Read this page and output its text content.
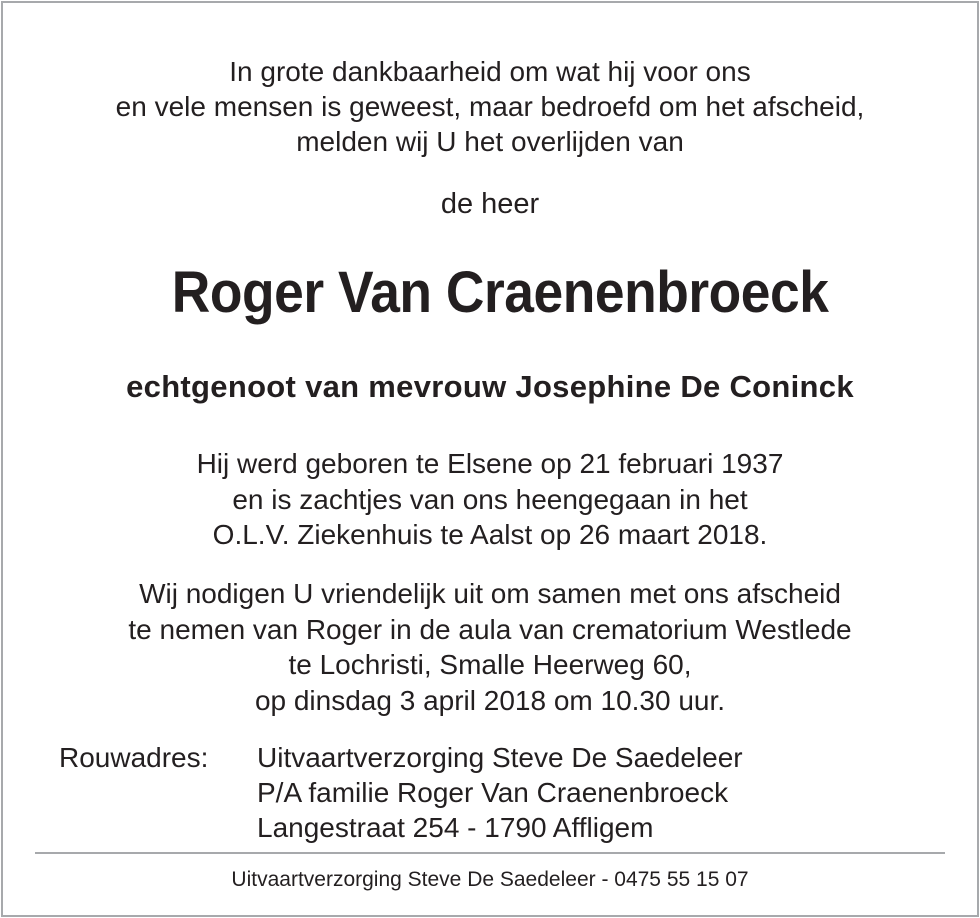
In grote dankbaarheid om wat hij voor ons
en vele mensen is geweest, maar bedroefd om het afscheid,
melden wij U het overlijden van
de heer
Roger Van Craenenbroeck
echtgenoot van mevrouw Josephine De Coninck
Hij werd geboren te Elsene op 21 februari 1937
en is zachtjes van ons heengegaan in het
O.L.V. Ziekenhuis te Aalst op 26 maart 2018.
Wij nodigen U vriendelijk uit om samen met ons afscheid
te nemen van Roger in de aula van crematorium Westlede
te Lochristi, Smalle Heerweg 60,
op dinsdag 3 april 2018 om 10.30 uur.
Rouwadres: Uitvaartverzorging Steve De Saedeleer
P/A familie Roger Van Craenenbroeck
Langestraat 254 - 1790 Affligem
Uitvaartverzorging Steve De Saedeleer - 0475 55 15 07
